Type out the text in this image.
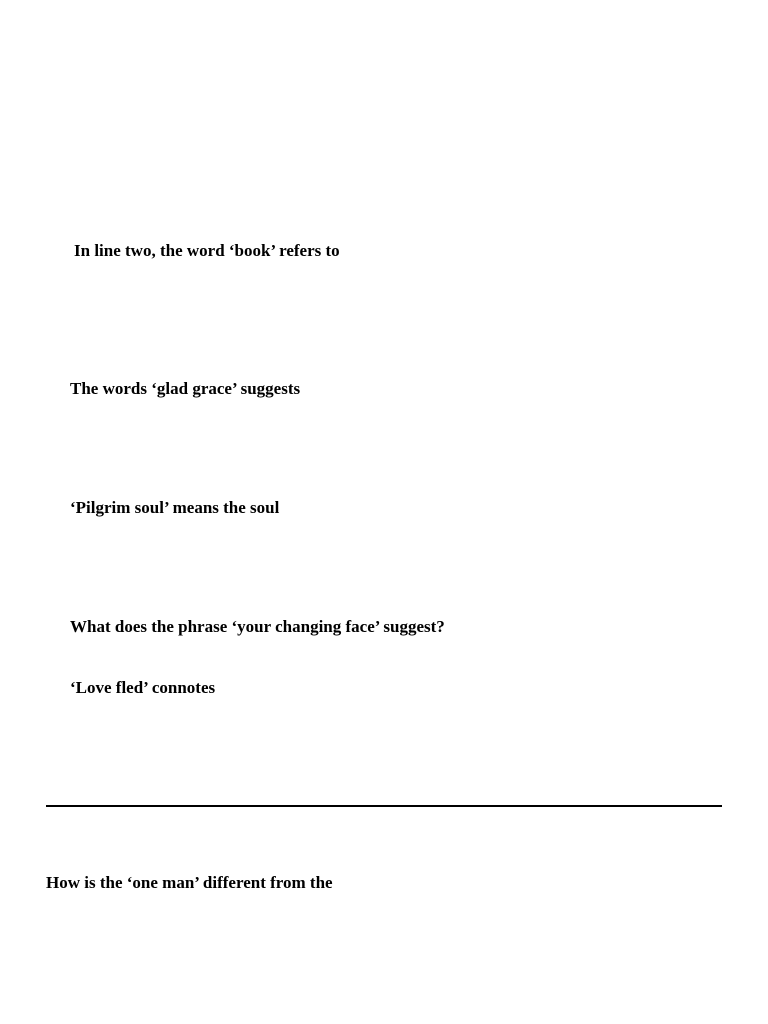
In line two, the word ‘book’ refers to

The words ‘glad grace’ suggests

‘Pilgrim soul’ means the soul

What does the phrase ‘your changing face’ suggest?

‘Love fled’ connotes

How is the ‘one man’ different from the
